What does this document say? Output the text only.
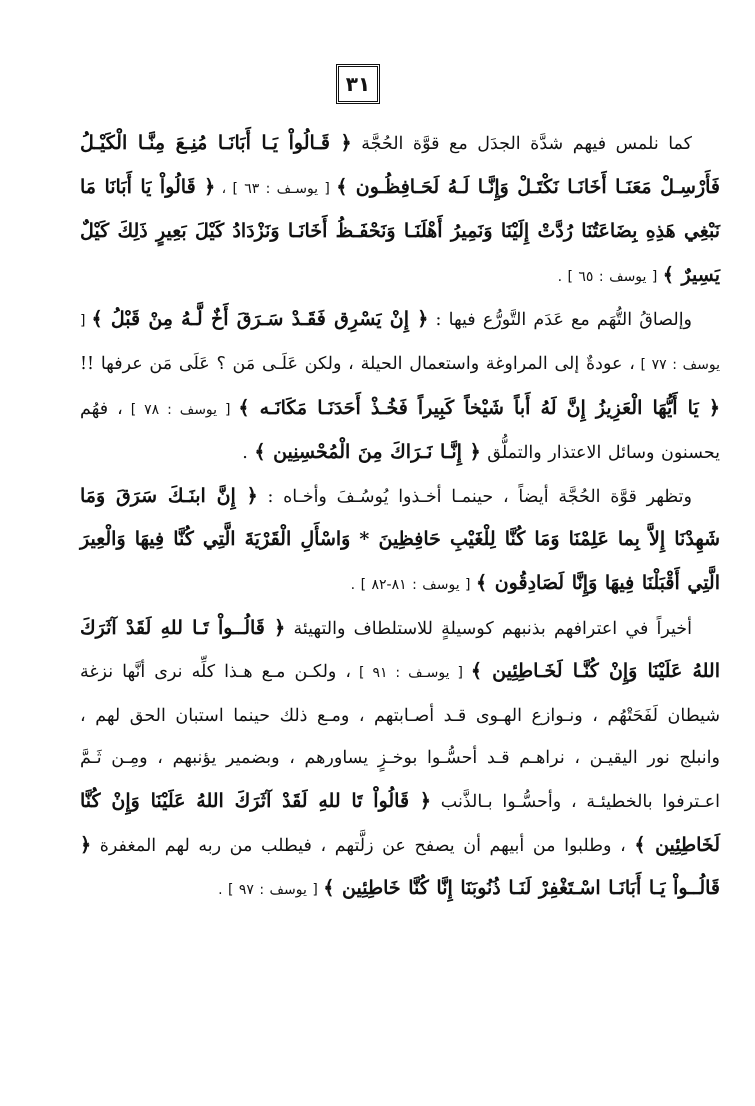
٣١

كما نلمس فيهم شدَّة الجدَل مع قوَّة الحُجَّة ﴿ قَـالُواْ يَـا أَبَانَـا مُنِـعَ مِنَّـا الْكَيْـلُ فَأَرْسِـلْ مَعَنَـا أَخَانَـا نَكْتَـلْ وَإِنَّـا لَـهُ لَحَـافِظُـون ﴾ [ يوسـف : ٦٣ ] ، ﴿ قَالُواْ يَا أَبَانَا مَا نَبْغِي هَذِهِ بِضَاعَتُنَا رُدَّتْ إِلَيْنَا وَنَمِيرُ أَهْلَنَـا وَنَحْفَـظُ أَخَانَـا وَنَزْدَادُ كَيْلَ بَعِيرٍ ذَلِكَ كَيْلٌ يَسِيرٌ ﴾ [ يوسف : ٦٥ ] .

وإلصاقُ التُّهَم مع عَدَم التَّورُّع فيها : ﴿ إِنْ يَسْرِق فَقَـدْ سَـرَقَ أَخٌ لَّـهُ مِنْ قَبْلُ ﴾ [ يوسف : ٧٧ ] ، عودةٌ إلى المراوغة واستعمال الحيلة ، ولكن عَلَـى مَن ؟ عَلَى مَن عرفها !! ﴿ يَا أَيُّهَا الْعَزِيزُ إِنَّ لَهُ أَباً شَيْخاً كَبِيراً فَخُـذْ أَحَدَنَـا مَكَانَـه ﴾ [ يوسف : ٧٨ ] ، فهُم يحسنون وسائل الاعتذار والتملُّق ﴿ إِنَّـا نَـرَاكَ مِنَ الْمُحْسِنِين ﴾ .

وتظهر قوَّة الحُجَّة أيضاً ، حينمـا أخـذوا يُوسُـفَ وأخـاه : ﴿ إِنَّ ابنَـكَ سَرَقَ وَمَا شَهِدْنَا إِلاَّ بِما عَلِمْنَا وَمَا كُنَّا لِلْغَيْبِ حَافِظِينَ * وَاسْأَلِ الْقَرْيَةَ الَّتِي كُنَّا فِيهَا وَالْعِيرَ الَّتِي أَقْبَلْنَا فِيهَا وَإِنَّا لَصَادِقُون ﴾ [ يوسف : ٨١-٨٢ ] .

أخيراً في اعترافهم بذنبهم كوسيلةٍ للاستلطاف والتهيئة ﴿ قَالُــواْ تَـا للهِ لَقَدْ آثَرَكَ اللهُ عَلَيْنَا وَإِنْ كُنَّـا لَخَـاطِئِين ﴾ [ يوسـف : ٩١ ] ، ولكـن مـع هـذا كلِّه نرى أنَّها نزغة شيطان لَفَحَتْهُم ، ونـوازع الهـوى قـد أصـابتهم ، ومـع ذلك حينما استبان الحق لهم ، وانبلج نور اليقيـن ، نراهـم قـد أحسُّـوا بوخـزٍ يساورهم ، وبضمير يؤنبهم ، ومِـن ثَـمَّ اعـترفوا بالخطيئـة ، وأحسُّـوا بـالذَّنب ﴿ قَالُواْ تَا للهِ لَقَدْ آثَرَكَ اللهُ عَلَيْنَا وَإِنْ كُنَّا لَخَاطِئِين ﴾ ، وطلبوا من أبيهم أن يصفح عن زلَّتهم ، فيطلب من ربه لهم المغفرة ﴿ قَالُــواْ يَـا أَبَانَـا اسْـتَغْفِرْ لَنَـا ذُنُوبَنَا إِنَّا كُنَّا خَاطِئِين ﴾ [ يوسف : ٩٧ ] .
